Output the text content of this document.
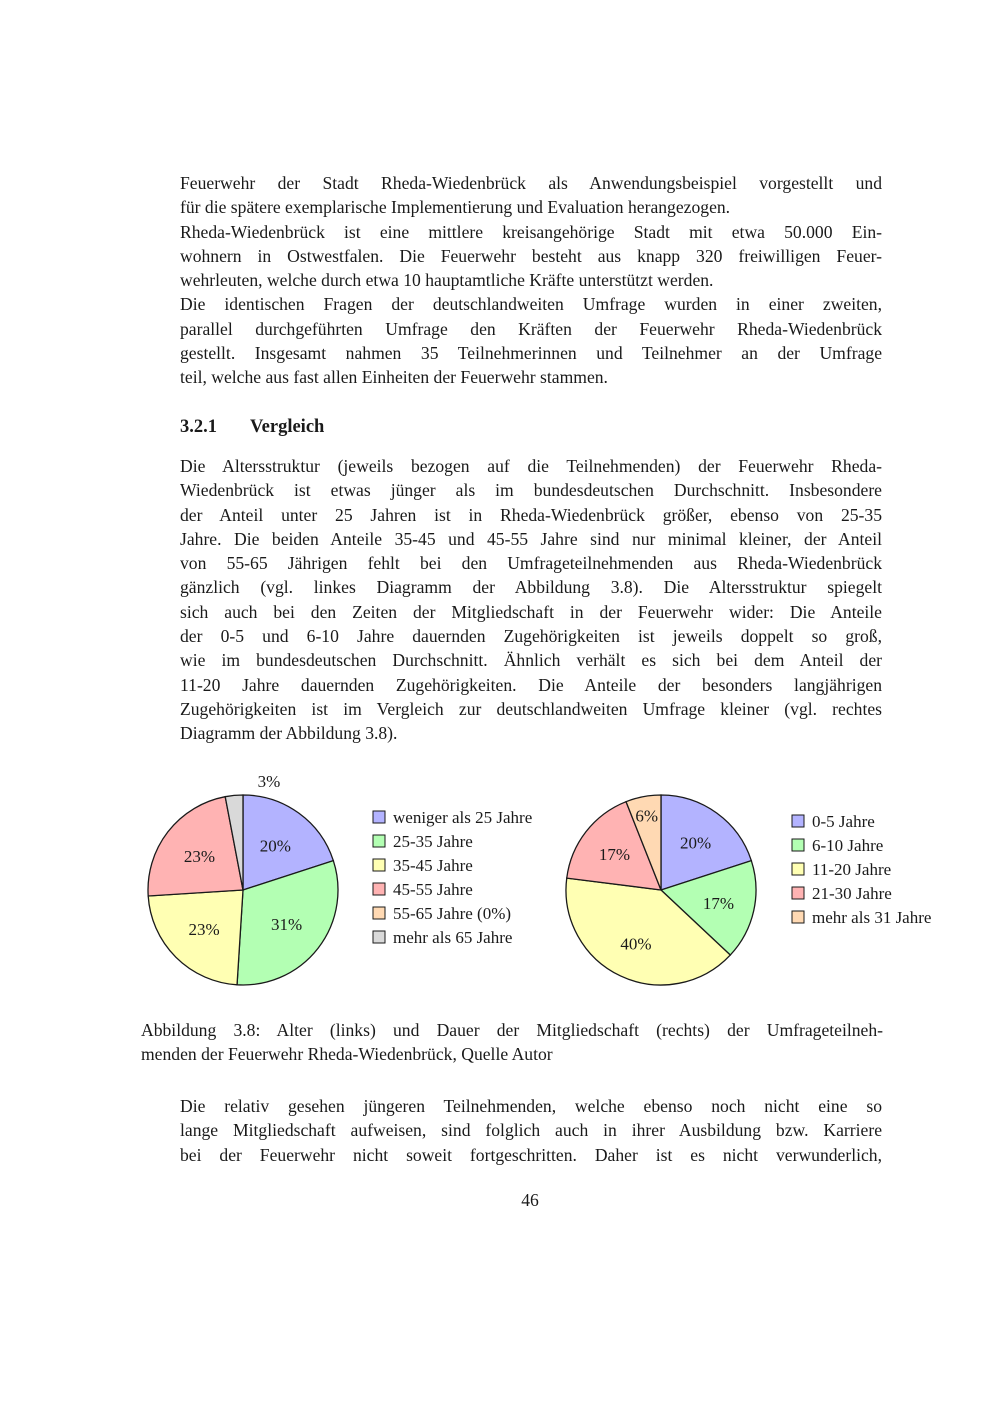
Feuerwehr der Stadt Rheda-Wiedenbrück als Anwendungsbeispiel vorgestellt und
für die spätere exemplarische Implementierung und Evaluation herangezogen.
Rheda-Wiedenbrück ist eine mittlere kreisangehörige Stadt mit etwa 50.000 Ein-
wohnern in Ostwestfalen. Die Feuerwehr besteht aus knapp 320 freiwilligen Feuer-
wehrleuten, welche durch etwa 10 hauptamtliche Kräfte unterstützt werden.
Die identischen Fragen der deutschlandweiten Umfrage wurden in einer zweiten,
parallel durchgeführten Umfrage den Kräften der Feuerwehr Rheda-Wiedenbrück
gestellt. Insgesamt nahmen 35 Teilnehmerinnen und Teilnehmer an der Umfrage
teil, welche aus fast allen Einheiten der Feuerwehr stammen.
3.2.1 Vergleich
Die Altersstruktur (jeweils bezogen auf die Teilnehmenden) der Feuerwehr Rheda-
Wiedenbrück ist etwas jünger als im bundesdeutschen Durchschnitt. Insbesondere
der Anteil unter 25 Jahren ist in Rheda-Wiedenbrück größer, ebenso von 25-35
Jahre. Die beiden Anteile 35-45 und 45-55 Jahre sind nur minimal kleiner, der Anteil
von 55-65 Jährigen fehlt bei den Umfrageteilnehmenden aus Rheda-Wiedenbrück
gänzlich (vgl. linkes Diagramm der Abbildung 3.8). Die Altersstruktur spiegelt
sich auch bei den Zeiten der Mitgliedschaft in der Feuerwehr wider: Die Anteile
der 0-5 und 6-10 Jahre dauernden Zugehörigkeiten ist jeweils doppelt so groß,
wie im bundesdeutschen Durchschnitt. Ähnlich verhält es sich bei dem Anteil der
11-20 Jahre dauernden Zugehörigkeiten. Die Anteile der besonders langjährigen
Zugehörigkeiten ist im Vergleich zur deutschlandweiten Umfrage kleiner (vgl. rechtes
Diagramm der Abbildung 3.8).
weniger als 25 Jahre
20%	25-35 Jahre
31%
35-45 Jahre
23%
45-55 Jahre
23%
55-65 Jahre (0%)
mehr als 65 Jahre
3%
0-5 Jahre
20%	6-10 Jahre
17%
11-20 Jahre
40%
21-30 Jahre
17%
mehr als 31 Jahre
6%
Abbildung 3.8: Alter (links) und Dauer der Mitgliedschaft (rechts) der Umfrageteilneh-
menden der Feuerwehr Rheda-Wiedenbrück, Quelle Autor
Die relativ gesehen jüngeren Teilnehmenden, welche ebenso noch nicht eine so
lange Mitgliedschaft aufweisen, sind folglich auch in ihrer Ausbildung bzw. Karriere
bei der Feuerwehr nicht soweit fortgeschritten. Daher ist es nicht verwunderlich,
46
